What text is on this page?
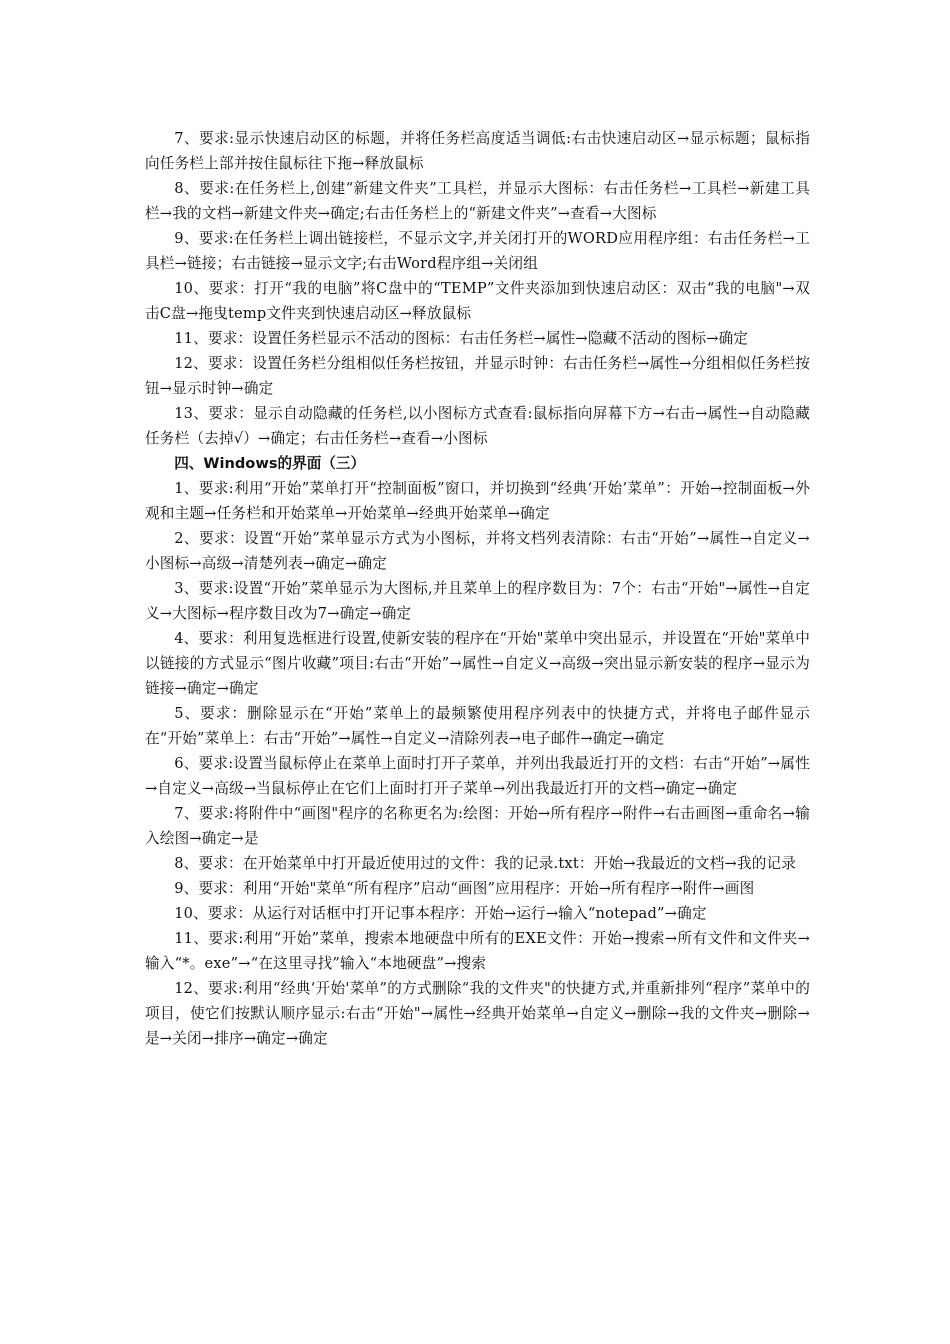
7、要求:显示快速启动区的标题，并将任务栏高度适当调低:右击快速启动区→显示标题；鼠标指向任务栏上部并按住鼠标往下拖→释放鼠标

8、要求:在任务栏上,创建“新建文件夹”工具栏，并显示大图标：右击任务栏→工具栏→新建工具栏→我的文档→新建文件夹→确定;右击任务栏上的“新建文件夹”→查看→大图标

9、要求:在任务栏上调出链接栏，不显示文字,并关闭打开的WORD应用程序组：右击任务栏→工具栏→链接；右击链接→显示文字;右击Word程序组→关闭组

10、要求：打开“我的电脑”将C盘中的“TEMP”文件夹添加到快速启动区：双击“我的电脑"→双击C盘→拖曳temp文件夹到快速启动区→释放鼠标

11、要求：设置任务栏显示不活动的图标：右击任务栏→属性→隐藏不活动的图标→确定

12、要求：设置任务栏分组相似任务栏按钮，并显示时钟：右击任务栏→属性→分组相似任务栏按钮→显示时钟→确定

13、要求：显示自动隐藏的任务栏,以小图标方式查看:鼠标指向屏幕下方→右击→属性→自动隐藏任务栏（去掉√）→确定；右击任务栏→查看→小图标

四、Windows的界面（三）

1、要求:利用“开始”菜单打开“控制面板”窗口，并切换到“经典‘开始’菜单”：开始→控制面板→外观和主题→任务栏和开始菜单→开始菜单→经典开始菜单→确定

2、要求：设置“开始”菜单显示方式为小图标，并将文档列表清除：右击“开始”→属性→自定义→小图标→高级→清楚列表→确定→确定

3、要求:设置“开始”菜单显示为大图标,并且菜单上的程序数目为：7个：右击“开始"→属性→自定义→大图标→程序数目改为7→确定→确定

4、要求：利用复选框进行设置,使新安装的程序在“开始"菜单中突出显示，并设置在“开始"菜单中以链接的方式显示“图片收藏”项目:右击“开始”→属性→自定义→高级→突出显示新安装的程序→显示为链接→确定→确定

5、要求：删除显示在“开始”菜单上的最频繁使用程序列表中的快捷方式，并将电子邮件显示在“开始”菜单上：右击“开始”→属性→自定义→清除列表→电子邮件→确定→确定

6、要求:设置当鼠标停止在菜单上面时打开子菜单，并列出我最近打开的文档：右击“开始”→属性→自定义→高级→当鼠标停止在它们上面时打开子菜单→列出我最近打开的文档→确定→确定

7、要求:将附件中“画图"程序的名称更名为:绘图：开始→所有程序→附件→右击画图→重命名→输入绘图→确定→是

8、要求：在开始菜单中打开最近使用过的文件：我的记录.txt：开始→我最近的文档→我的记录

9、要求：利用“开始"菜单“所有程序”启动“画图”应用程序：开始→所有程序→附件→画图

10、要求：从运行对话框中打开记事本程序：开始→运行→输入“notepad”→确定

11、要求:利用“开始”菜单，搜索本地硬盘中所有的EXE文件：开始→搜索→所有文件和文件夹→输入“*。exe”→“在这里寻找”输入“本地硬盘”→搜索

12、要求:利用“经典‘开始'菜单”的方式删除“我的文件夹"的快捷方式,并重新排列“程序”菜单中的项目，使它们按默认顺序显示:右击“开始"→属性→经典开始菜单→自定义→删除→我的文件夹→删除→是→关闭→排序→确定→确定
